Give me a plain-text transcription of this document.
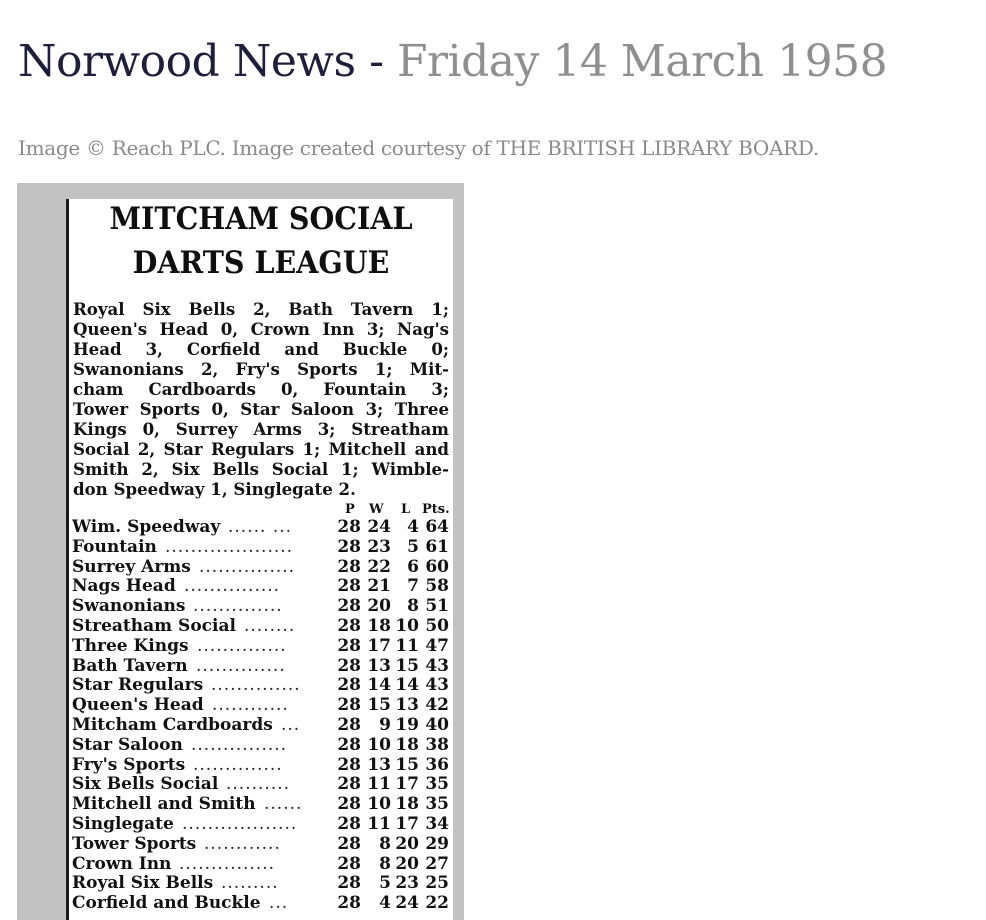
Norwood News - Friday 14 March 1958

Image © Reach PLC. Image created courtesy of THE BRITISH LIBRARY BOARD.

MITCHAM SOCIAL
DARTS LEAGUE
Royal Six Bells 2, Bath Tavern 1;
Queen's Head 0, Crown Inn 3; Nag's
Head 3, Corfield and Buckle 0;
Swanonians 2, Fry's Sports 1; Mit-
cham Cardboards 0, Fountain 3;
Tower Sports 0, Star Saloon 3; Three
Kings 0, Surrey Arms 3; Streatham
Social 2, Star Regulars 1; Mitchell and
Smith 2, Six Bells Social 1; Wimble-
don Speedway 1, Singlegate 2.
P W L Pts.
Wim. Speedway ...... ...	28 24 4 64
Fountain ....................	28 23 5 61
Surrey Arms ...............	28 22 6 60
Nags Head ...............	28 21 7 58
Swanonians ..............	28 20 8 51
Streatham Social ........	28 18 10 50
Three Kings ..............	28 17 11 47
Bath Tavern ..............	28 13 15 43
Star Regulars ..............	28 14 14 43
Queen's Head ............	28 15 13 42
Mitcham Cardboards ...	28	9 19 40
Star Saloon ...............	28 10 18 38
Fry's Sports ..............	28 13 15 36
Six Bells Social ..........	28 11 17 35
Mitchell and Smith ......	28 10 18 35
Singlegate ..................	28 11 17 34
Tower Sports ............	28	8 20 29
Crown Inn ...............	28	8 20 27
Royal Six Bells .........	28	5 23 25
Corfield and Buckle ...	28	4 24 22
